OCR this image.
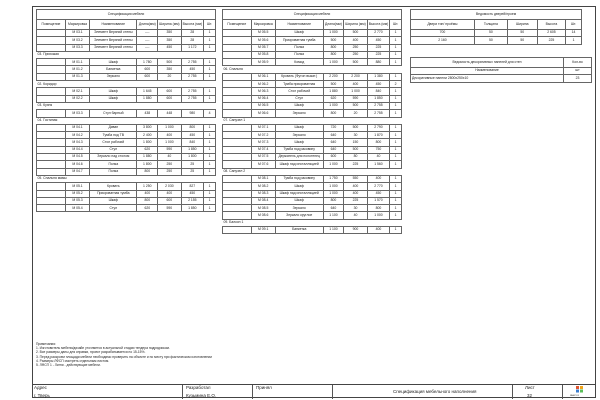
Спецификация мебели						
Помещение	Маркировка	Наименование	Длина(мм)	Ширина (мм)	Высота (мм)	Шт.
	М 03.1	Элемент Верхний стены	----	350	28	1
	М 03.2	Элемент Верхний стены	----	350	28	1
	М 03.3	Элемент Верхний стены	----	450	1 172	1
03. Прихожая						
	М 01.1	Шкаф	1 780	500	2 755	1
	М 01.2	Банкетка	600	350	450	1
	М 01.3	Зеркало	600	20	2 755	1
02. Коридор						
	М 02.1	Шкаф	1 645	600	2 755	1
	М 02.2	Шкаф	1 880	600	2 755	1
03. Кухня						
	М 03.3	Стул барный	438	448	980	4
04. Гостиная						
	М 04.1	Диван	3 800	1 000	800	1
	М 04.2	Тумба под ТВ	2 400	400	450	1
	М 04.3	Стол рабочий	1 800	1 000	840	1
	М 04.4	Стул	620	590	1 850	1
	М 04.5	Зеркало над столом	1 880	40	1 800	1
	М 04.6	Полка	1 800	250	25	1
	М 04.7	Полка	800	250	25	1
05. Спальня мамы						
	М 05.1	Кровать	1 250	2 030	827	1
	М 05.2	Прикроватная тумба	400	400	450	1
	М 05.3	Шкаф	800	600	2 155	1
	М 05.4	Стул	620	590	1 850	1
Спецификация мебели						
Помещение	Маркировка	Наименование	Длина(мм)	Ширина (мм)	Высота (мм)	Шт.
	М 05.5	Шкаф	1 000	500	2 770	1
	М 05.6	Прикроватная тумба	500	400	450	1
	М 05.7	Полка	800	250	225	1
	М 05.8	Полка	800	250	225	1
	М 05.9	Комод	1 000	500	880	1
06. Спальня						
	М 06.1	Кровать (Футон выкат.)	2 200	2 200	1 380	1
	М 06.2	Тумба прикроватная	500	400	450	2
	М 06.3	Стол рабочий	1 880	1 000	840	1
	М 06.4	Стул	620	590	1 850	1
	М 06.5	Шкаф	1 000	500	2 755	1
	М 06.6	Зеркало	800	20	2 755	1
07. Санузел 1						
	М 07.1	Шкаф	720	500	2 790	1
	М 07.2	Зеркало	640	30	1 870	1
	М 07.3	Шкаф	640	150	800	1
	М 07.4	Тумба под раковину	640	500	750	1
	М 07.5	Держатель для полотенец	600	80	40	1
	М 07.6	Шкаф над инсталляцией	1 000	225	1 560	1
08. Санузел 2						
	М 08.1	Тумба под раковину	1 750	550	400	1
	М 08.2	Шкаф	1 000	400	2 770	1
	М 08.3	Шкаф над инсталляцией	1 000	400	450	1
	М 08.4	Шкаф	800	225	1 570	1
	М 08.5	Зеркало	640	30	800	1
	М 08.6	Зеркало круглое	1 100	40	1 000	1
09. Балкон 1						
	М 09.1	Банкетка	1 100	900	400	1
Ведомость дверей/проем				
Двери тип/ проёмы	Толщина	Ширина	Высота	Шт.
700	50	50	2 605	14
2 160	50	50	225	1
Ведомость декоративных панелей для стен	Кол-во
Наименование	шт
Декоративные панели 2800х250х10	23
Примечания:
1. Изготовитель мебели/дизайн уточняется в актуальной стадии тендера подрядчиком.
2. Все размеры даны для справки, проект разрабатывается по 15-15%.
3. Перед раскроем площади мебели необходимо проверить на объекте и по месту при фактическом изготовлении
4. Размеры ЛФСП смотреть отдельным листом.
5. ЛФСП 1 - Лигни - действующие мебели.
Адрес
г. Тверь
Разработал
Кузьмина Е.О.
Принял
Спецификация мебельного наполнения
Лист
32	ЯБЕРОЗ
